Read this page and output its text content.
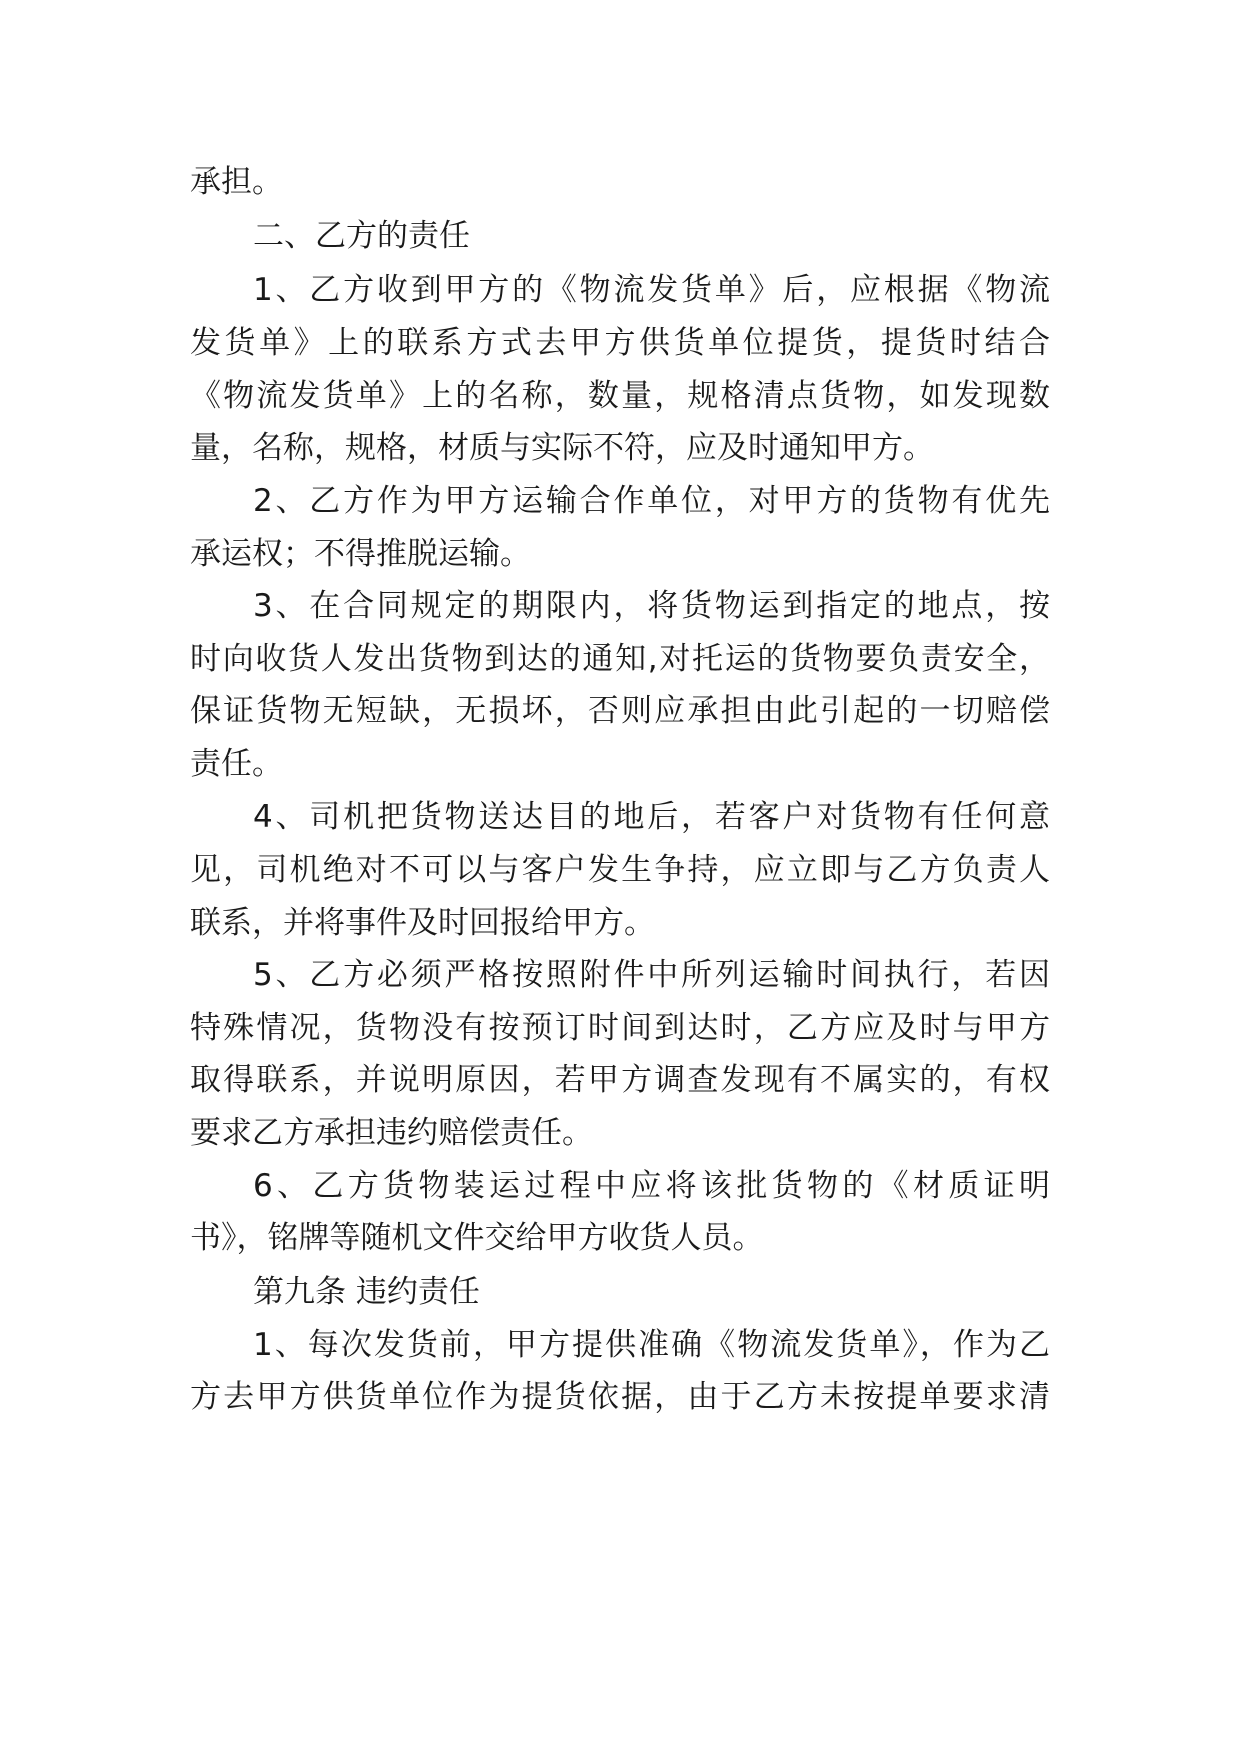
承担。
二、乙方的责任
1、乙方收到甲方的《物流发货单》后，应根据《物流
发货单》上的联系方式去甲方供货单位提货，提货时结合
《物流发货单》上的名称，数量，规格清点货物，如发现数
量，名称，规格，材质与实际不符，应及时通知甲方。
2、乙方作为甲方运输合作单位，对甲方的货物有优先
承运权；不得推脱运输。
3、在合同规定的期限内，将货物运到指定的地点，按
时向收货人发出货物到达的通知,对托运的货物要负责安全，
保证货物无短缺，无损坏，否则应承担由此引起的一切赔偿
责任。
4、司机把货物送达目的地后，若客户对货物有任何意
见，司机绝对不可以与客户发生争持，应立即与乙方负责人
联系，并将事件及时回报给甲方。
5、乙方必须严格按照附件中所列运输时间执行，若因
特殊情况，货物没有按预订时间到达时，乙方应及时与甲方
取得联系，并说明原因，若甲方调查发现有不属实的，有权
要求乙方承担违约赔偿责任。
6、乙方货物装运过程中应将该批货物的《材质证明
书》，铭牌等随机文件交给甲方收货人员。
第九条 违约责任
1、每次发货前，甲方提供准确《物流发货单》，作为乙
方去甲方供货单位作为提货依据，由于乙方未按提单要求清
